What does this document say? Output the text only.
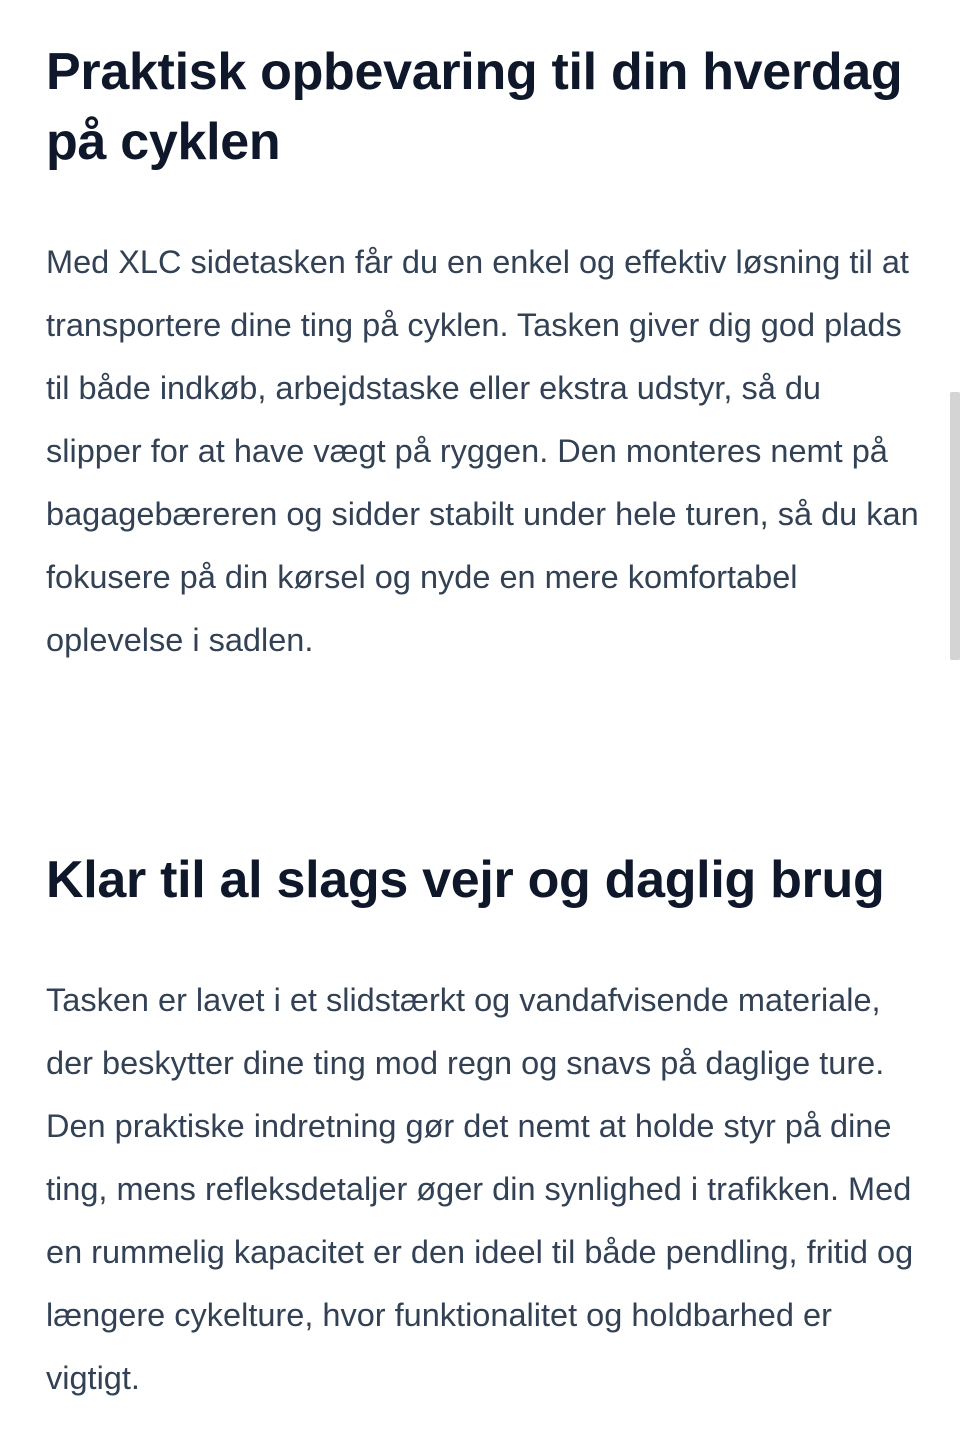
Praktisk opbevaring til din hverdag på cyklen

Med XLC sidetasken får du en enkel og effektiv løsning til at transportere dine ting på cyklen. Tasken giver dig god plads til både indkøb, arbejdstaske eller ekstra udstyr, så du slipper for at have vægt på ryggen. Den monteres nemt på bagagebæreren og sidder stabilt under hele turen, så du kan fokusere på din kørsel og nyde en mere komfortabel oplevelse i sadlen.

Klar til al slags vejr og daglig brug

Tasken er lavet i et slidstærkt og vandafvisende materiale, der beskytter dine ting mod regn og snavs på daglige ture. Den praktiske indretning gør det nemt at holde styr på dine ting, mens refleksdetaljer øger din synlighed i trafikken. Med en rummelig kapacitet er den ideel til både pendling, fritid og længere cykelture, hvor funktionalitet og holdbarhed er vigtigt.
